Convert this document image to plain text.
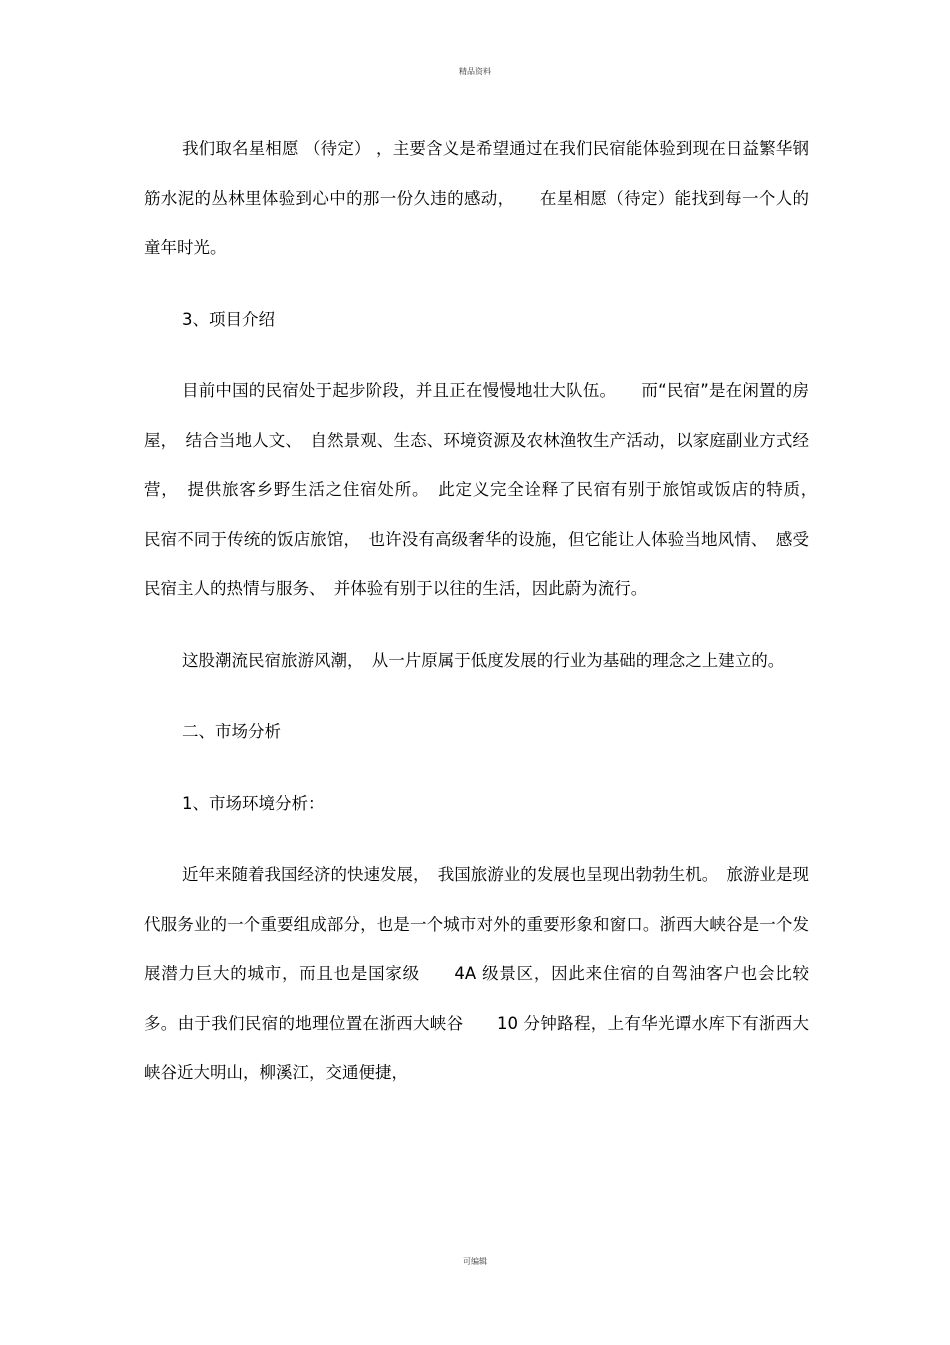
精品资料

我们取名星相愿 （待定） ，主要含义是希望通过在我们民宿能体验到现在日益繁华钢筋水泥的丛林里体验到心中的那一份久违的感动，　　在星相愿（待定）能找到每一个人的童年时光。

3、项目介绍

目前中国的民宿处于起步阶段，并且正在慢慢地壮大队伍。　　而“民宿”是在闲置的房屋，　结合当地人文、　自然景观、生态、环境资源及农林渔牧生产活动，以家庭副业方式经营，　提供旅客乡野生活之住宿处所。　此定义完全诠释了民宿有别于旅馆或饭店的特质，　民宿不同于传统的饭店旅馆，　也许没有高级奢华的设施，但它能让人体验当地风情、　感受民宿主人的热情与服务、　并体验有别于以往的生活，因此蔚为流行。

这股潮流民宿旅游风潮，　从一片原属于低度发展的行业为基础的理念之上建立的。

二、市场分析

1、市场环境分析：

近年来随着我国经济的快速发展，　我国旅游业的发展也呈现出勃勃生机。　旅游业是现代服务业的一个重要组成部分，也是一个城市对外的重要形象和窗口。浙西大峡谷是一个发展潜力巨大的城市，而且也是国家级　　4A 级景区，因此来住宿的自驾油客户也会比较多。由于我们民宿的地理位置在浙西大峡谷　　10 分钟路程，上有华光谭水库下有浙西大峡谷近大明山，柳溪江，交通便捷，

可编辑
